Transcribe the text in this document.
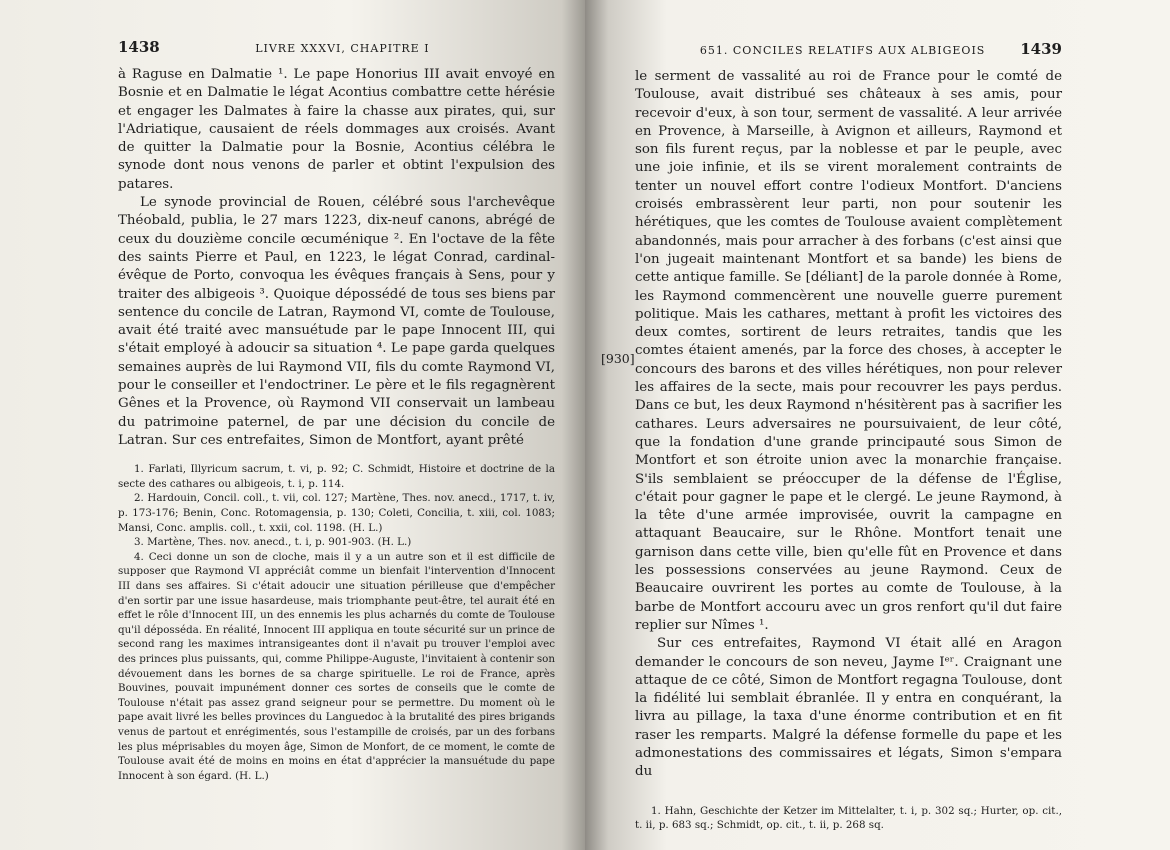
1438	LIVRE XXXVI, CHAPITRE I

à Raguse en Dalmatie ¹. Le pape Honorius III avait envoyé en Bosnie et en Dalmatie le légat Acontius combattre cette hérésie et engager les Dalmates à faire la chasse aux pirates, qui, sur l'Adriatique, causaient de réels dommages aux croisés. Avant de quitter la Dalmatie pour la Bosnie, Acontius célébra le synode dont nous venons de parler et obtint l'expulsion des patares.

Le synode provincial de Rouen, célébré sous l'archevêque Théobald, publia, le 27 mars 1223, dix-neuf canons, abrégé de ceux du douzième concile œcuménique ². En l'octave de la fête des saints Pierre et Paul, en 1223, le légat Conrad, cardinal-évêque de Porto, convoqua les évêques français à Sens, pour y traiter des albigeois ³. Quoique dépossédé de tous ses biens par sentence du concile de Latran, Raymond VI, comte de Toulouse, avait été traité avec mansuétude par le pape Innocent III, qui s'était employé à adoucir sa situation ⁴. Le pape garda quelques semaines auprès de lui Raymond VII, fils du comte Raymond VI, pour le conseiller et l'endoctriner. Le père et le fils regagnèrent Gênes et la Provence, où Raymond VII conservait un lambeau du patrimoine paternel, de par une décision du concile de Latran. Sur ces entrefaites, Simon de Montfort, ayant prêté

1. Farlati, Illyricum sacrum, t. vi, p. 92; C. Schmidt, Histoire et doctrine de la secte des cathares ou albigeois, t. i, p. 114.

2. Hardouin, Concil. coll., t. vii, col. 127; Martène, Thes. nov. anecd., 1717, t. iv, p. 173-176; Benin, Conc. Rotomagensia, p. 130; Coleti, Concilia, t. xiii, col. 1083; Mansi, Conc. amplis. coll., t. xxii, col. 1198. (H. L.)

3. Martène, Thes. nov. anecd., t. i, p. 901-903. (H. L.)

4. Ceci donne un son de cloche, mais il y a un autre son et il est difficile de supposer que Raymond VI appréciât comme un bienfait l'intervention d'Innocent III dans ses affaires. Si c'était adoucir une situation périlleuse que d'empêcher d'en sortir par une issue hasardeuse, mais triomphante peut-être, tel aurait été en effet le rôle d'Innocent III, un des ennemis les plus acharnés du comte de Toulouse qu'il déposséda. En réalité, Innocent III appliqua en toute sécurité sur un prince de second rang les maximes intransigeantes dont il n'avait pu trouver l'emploi avec des princes plus puissants, qui, comme Philippe-Auguste, l'invitaient à contenir son dévouement dans les bornes de sa charge spirituelle. Le roi de France, après Bouvines, pouvait impunément donner ces sortes de conseils que le comte de Toulouse n'était pas assez grand seigneur pour se permettre. Du moment où le pape avait livré les belles provinces du Languedoc à la brutalité des pires brigands venus de partout et enrégimentés, sous l'estampille de croisés, par un des forbans les plus méprisables du moyen âge, Simon de Monfort, de ce moment, le comte de Toulouse avait été de moins en moins en état d'apprécier la mansuétude du pape Innocent à son égard. (H. L.)

[930]
651. CONCILES RELATIFS AUX ALBIGEOIS 1439

le serment de vassalité au roi de France pour le comté de Toulouse, avait distribué ses châteaux à ses amis, pour recevoir d'eux, à son tour, serment de vassalité. A leur arrivée en Provence, à Marseille, à Avignon et ailleurs, Raymond et son fils furent reçus, par la noblesse et par le peuple, avec une joie infinie, et ils se virent moralement contraints de tenter un nouvel effort contre l'odieux Montfort. D'anciens croisés embrassèrent leur parti, non pour soutenir les hérétiques, que les comtes de Toulouse avaient complètement abandonnés, mais pour arracher à des forbans (c'est ainsi que l'on jugeait maintenant Montfort et sa bande) les biens de cette antique famille. Se [déliant] de la parole donnée à Rome, les Raymond commencèrent une nouvelle guerre purement politique. Mais les cathares, mettant à profit les victoires des deux comtes, sortirent de leurs retraites, tandis que les comtes étaient amenés, par la force des choses, à accepter le concours des barons et des villes hérétiques, non pour relever les affaires de la secte, mais pour recouvrer les pays perdus. Dans ce but, les deux Raymond n'hésitèrent pas à sacrifier les cathares. Leurs adversaires ne poursuivaient, de leur côté, que la fondation d'une grande principauté sous Simon de Montfort et son étroite union avec la monarchie française. S'ils semblaient se préoccuper de la défense de l'Église, c'était pour gagner le pape et le clergé. Le jeune Raymond, à la tête d'une armée improvisée, ouvrit la campagne en attaquant Beaucaire, sur le Rhône. Montfort tenait une garnison dans cette ville, bien qu'elle fût en Provence et dans les possessions conservées au jeune Raymond. Ceux de Beaucaire ouvrirent les portes au comte de Toulouse, à la barbe de Montfort accouru avec un gros renfort qu'il dut faire replier sur Nîmes ¹.

Sur ces entrefaites, Raymond VI était allé en Aragon demander le concours de son neveu, Jayme Iᵉʳ. Craignant une attaque de ce côté, Simon de Montfort regagna Toulouse, dont la fidélité lui semblait ébranlée. Il y entra en conquérant, la livra au pillage, la taxa d'une énorme contribution et en fit raser les remparts. Malgré la défense formelle du pape et les admonestations des commissaires et légats, Simon s'empara du

1. Hahn, Geschichte der Ketzer im Mittelalter, t. i, p. 302 sq.; Hurter, op. cit., t. ii, p. 683 sq.; Schmidt, op. cit., t. ii, p. 268 sq.
